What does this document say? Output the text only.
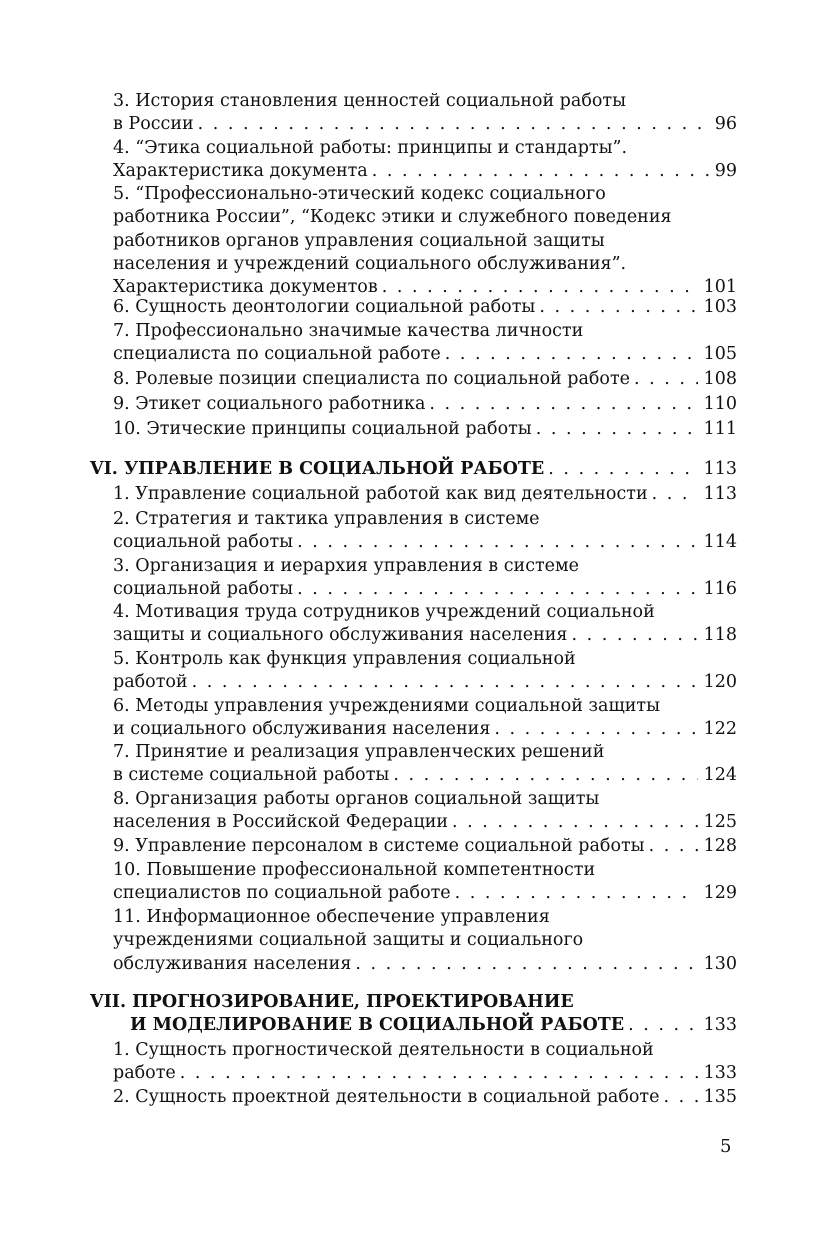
3. История становления ценностей социальной работы
в России . . .	96
4. “Этика социальной работы: принципы и стандарты”.
Характеристика документа . . .	99
5. “Профессионально-этический кодекс социального
работника России”, “Кодекс этики и служебного поведения
работников органов управления социальной защиты
населения и учреждений социального обслуживания”.
Характеристика документов . . .	101
6. Сущность деонтологии социальной работы . . .	103
7. Профессионально значимые качества личности
специалиста по социальной работе . . .	105
8. Ролевые позиции специалиста по социальной работе . . .	108
9. Этикет социального работника . . .	110
10. Этические принципы социальной работы . . .	111
VI. УПРАВЛЕНИЕ В СОЦИАЛЬНОЙ РАБОТЕ . . .	113
1. Управление социальной работой как вид деятельности . . .	113
2. Стратегия и тактика управления в системе
социальной работы . . .	114
3. Организация и иерархия управления в системе
социальной работы . . .	116
4. Мотивация труда сотрудников учреждений социальной
защиты и социального обслуживания населения . . .	118
5. Контроль как функция управления социальной
работой . . .	120
6. Методы управления учреждениями социальной защиты
и социального обслуживания населения . . .	122
7. Принятие и реализация управленческих решений
в системе социальной работы . . .	124
8. Организация работы органов социальной защиты
населения в Российской Федерации . . .	125
9. Управление персоналом в системе социальной работы . . .	128
10. Повышение профессиональной компетентности
специалистов по социальной работе . . .	129
11. Информационное обеспечение управления
учреждениями социальной защиты и социального
обслуживания населения . . .	130
VII. ПРОГНОЗИРОВАНИЕ, ПРОЕКТИРОВАНИЕ
И МОДЕЛИРОВАНИЕ В СОЦИАЛЬНОЙ РАБОТЕ . . .	133
1. Сущность прогностической деятельности в социальной
работе . . .	133
2. Сущность проектной деятельности в социальной работе . . .	135
5
